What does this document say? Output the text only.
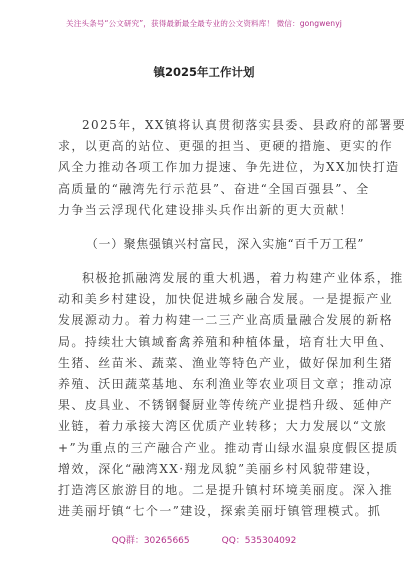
关注头条号“公文研究”，获得最新最全最专业的公文资料库！ 微信：gongwenyj
镇2025年工作计划
2025年，XX镇将认真贯彻落实县委、县政府的部署要
求，以更高的站位、更强的担当、更硬的措施、更实的作
风全力推动各项工作加力提速、争先进位，为XX加快打造
高质量的“融湾先行示范县”、奋进“全国百强县”、全
力争当云浮现代化建设排头兵作出新的更大贡献！
（一）聚焦强镇兴村富民，深入实施“百千万工程”
积极抢抓融湾发展的重大机遇，着力构建产业体系，推
动和美乡村建设，加快促进城乡融合发展。一是提振产业
发展源动力。着力构建一二三产业高质量融合发展的新格
局。持续壮大镇域畜禽养殖和种植体量，培育壮大甲鱼、
生猪、丝苗米、蔬菜、渔业等特色产业，做好保加利生猪
养殖、沃田蔬菜基地、东利渔业等农业项目文章；推动凉
果、皮具业、不锈钢餐厨业等传统产业提档升级、延伸产
业链，着力承接大湾区优质产业转移；大力发展以“文旅
+”为重点的三产融合产业。推动青山绿水温泉度假区提质
增效，深化“融湾XX·翔龙凤貌”美丽乡村风貌带建设，
打造湾区旅游目的地。二是提升镇村环境美丽度。深入推
进美丽圩镇“七个一”建设，探索美丽圩镇管理模式。抓
QQ群：30265665	QQ：535304092
